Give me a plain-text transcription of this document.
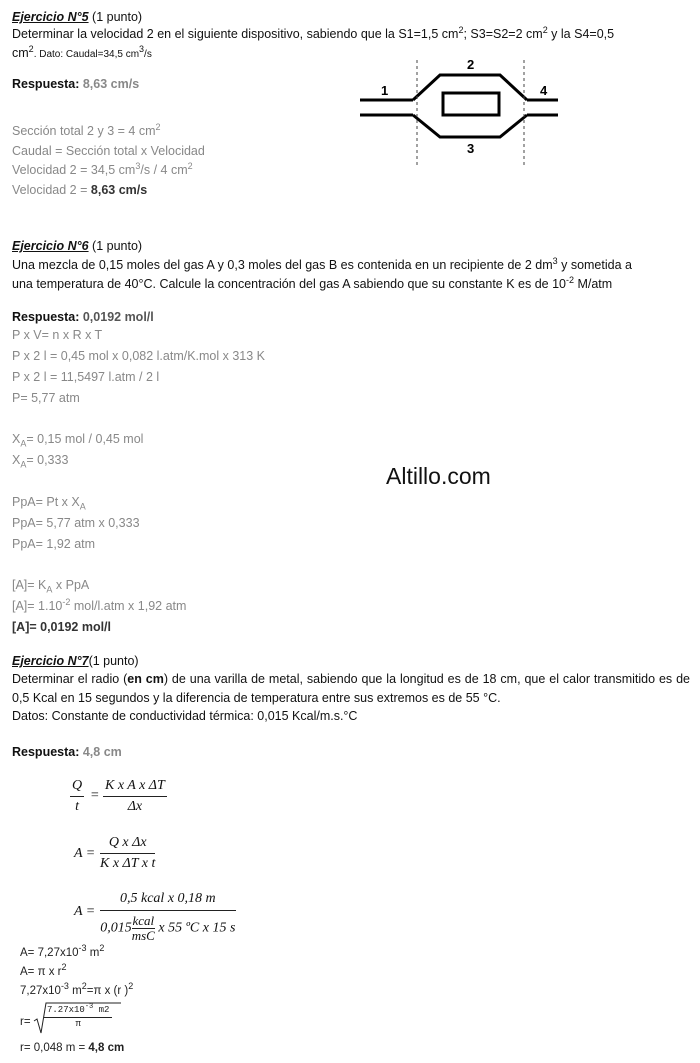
Ejercicio N°5 (1 punto)
Determinar la velocidad 2 en el siguiente dispositivo, sabiendo que la S1=1,5 $cm^2$; S3=S2=2 $cm^2$ y la S4=0,5
$cm^2$. Dato: Caudal=34,5 $cm^3/s$
Respuesta: 8,63 cm/s	1
2
3
4
Sección total 2 y 3 = 4 $cm^2$
Caudal = Sección total x Velocidad
Velocidad 2 = 34,5 $cm^3/s / 4$ $cm^2$
Velocidad 2 = 8,63 cm/s
Ejercicio N°6 (1 punto)
Una mezcla de 0,15 moles del gas A y 0,3 moles del gas B es contenida en un recipiente de 2 $dm^3$ y sometida a
una temperatura de 40°C. Calcule la concentración del gas A sabiendo que su constante K es de $10^{-2}$ M/atm
Respuesta: 0,0192 mol/l
P x V= n x R x T
P x 2 l = 0,45 mol x 0,082 l.atm/K.mol x 313 K
P x 2 l = 11,5497 l.atm / 2 l
P= 5,77 atm
$X_A= 0,15$ mol / 0,45 mol
$X_A= 0,333$
Altillo.com
PpA= Pt x $X_A$
PpA= 5,77 atm x 0,333
PpA= 1,92 atm
$[A]= K_A$ x PpA
$[A]= 1.10^{-2}$ mol/l.atm x 1,92 atm
[A]= 0,0192 mol/l
Ejercicio N°7(1 punto)
Determinar el radio (en cm) de una varilla de metal, sabiendo que la longitud es de 18 cm, que el calor transmitido es de 0,5 Kcal en 15 segundos y la diferencia de temperatura entre sus extremos es de 55 °C.
Datos: Constante de conductividad térmica: 0,015 Kcal/m.s.°C
Respuesta: 4,8 cm
$\frac{Q}{t} = \frac{\text{K x A x ΔT}}{\Delta x}$
$A = \frac{\text{Q x Δx}}{\text{K x ΔT x t}}$
A =
0,5 kcal x 0,18 m
0,015 kcal
msC x 55 ºC x 15 s
$A= 7,27x10^{-3}$ $m^2$
A= π x $r^2$
$7,27x10^{-3}$ $m^2=\pi$ x (r )$^2$
$r= \frac{7.27x10^{-3} m2}{\pi}$
r= 0,048 m = 4,8 cm
